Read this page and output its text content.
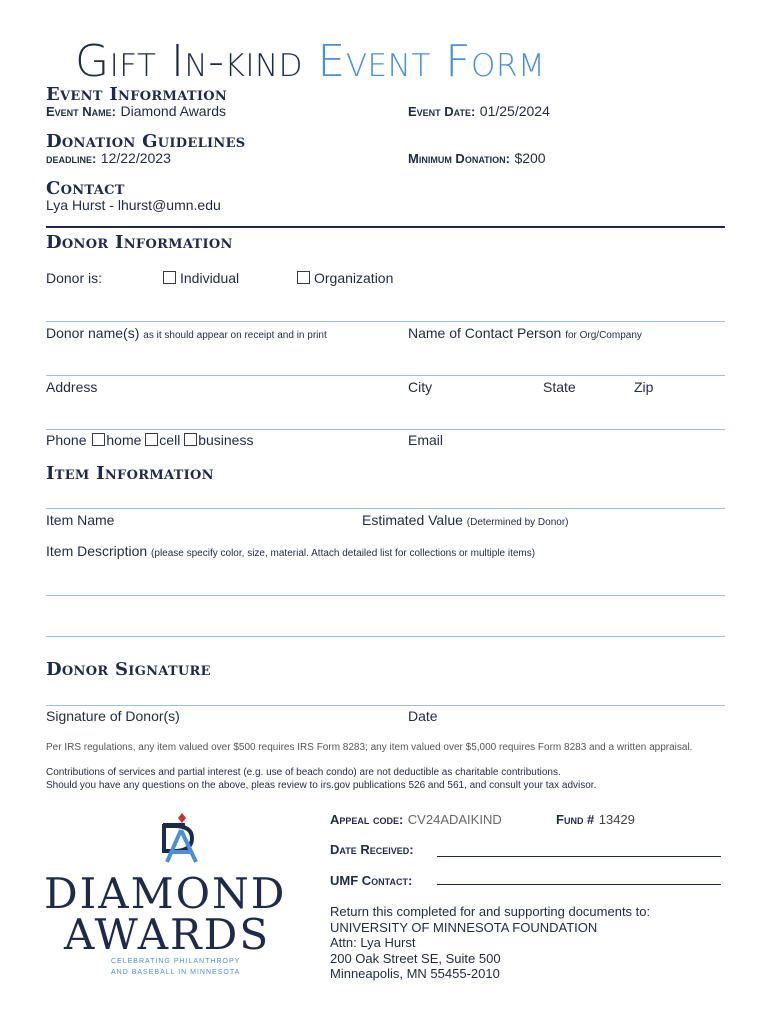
Gift In-kind Event Form
Event Information
Event Name: Diamond Awards	Event Date: 01/25/2024
Donation Guidelines
deadline: 12/22/2023	Minimum Donation: $200
Contact
Lya Hurst - lhurst@umn.edu
Donor Information
Donor is:	Individual	Organization
Donor name(s) as it should appear on receipt and in print	Name of Contact Person for Org/Company
Address	City	State	Zip
Phone home cell business	Email
Item Information
Item Name	Estimated Value (Determined by Donor)
Item Description (please specify color, size, material. Attach detailed list for collections or multiple items)
Donor Signature
Signature of Donor(s)	Date
Per IRS regulations, any item valued over $500 requires IRS Form 8283; any item valued over $5,000 requires Form 8283 and a written appraisal.
Contributions of services and partial interest (e.g. use of beach condo) are not deductible as charitable contributions.
Should you have any questions on the above, pleas review to irs.gov publications 526 and 561, and consult your tax advisor.
DIAMOND
AWARDS
CELEBRATING PHILANTHROPY
AND BASEBALL IN MINNESOTA
Appeal code: CV24ADAIKIND	Fund # 13429
Date Received:
UMF Contact:
Return this completed for and supporting documents to:
UNIVERSITY OF MINNESOTA FOUNDATION
Attn: Lya Hurst
200 Oak Street SE, Suite 500
Minneapolis, MN 55455-2010
